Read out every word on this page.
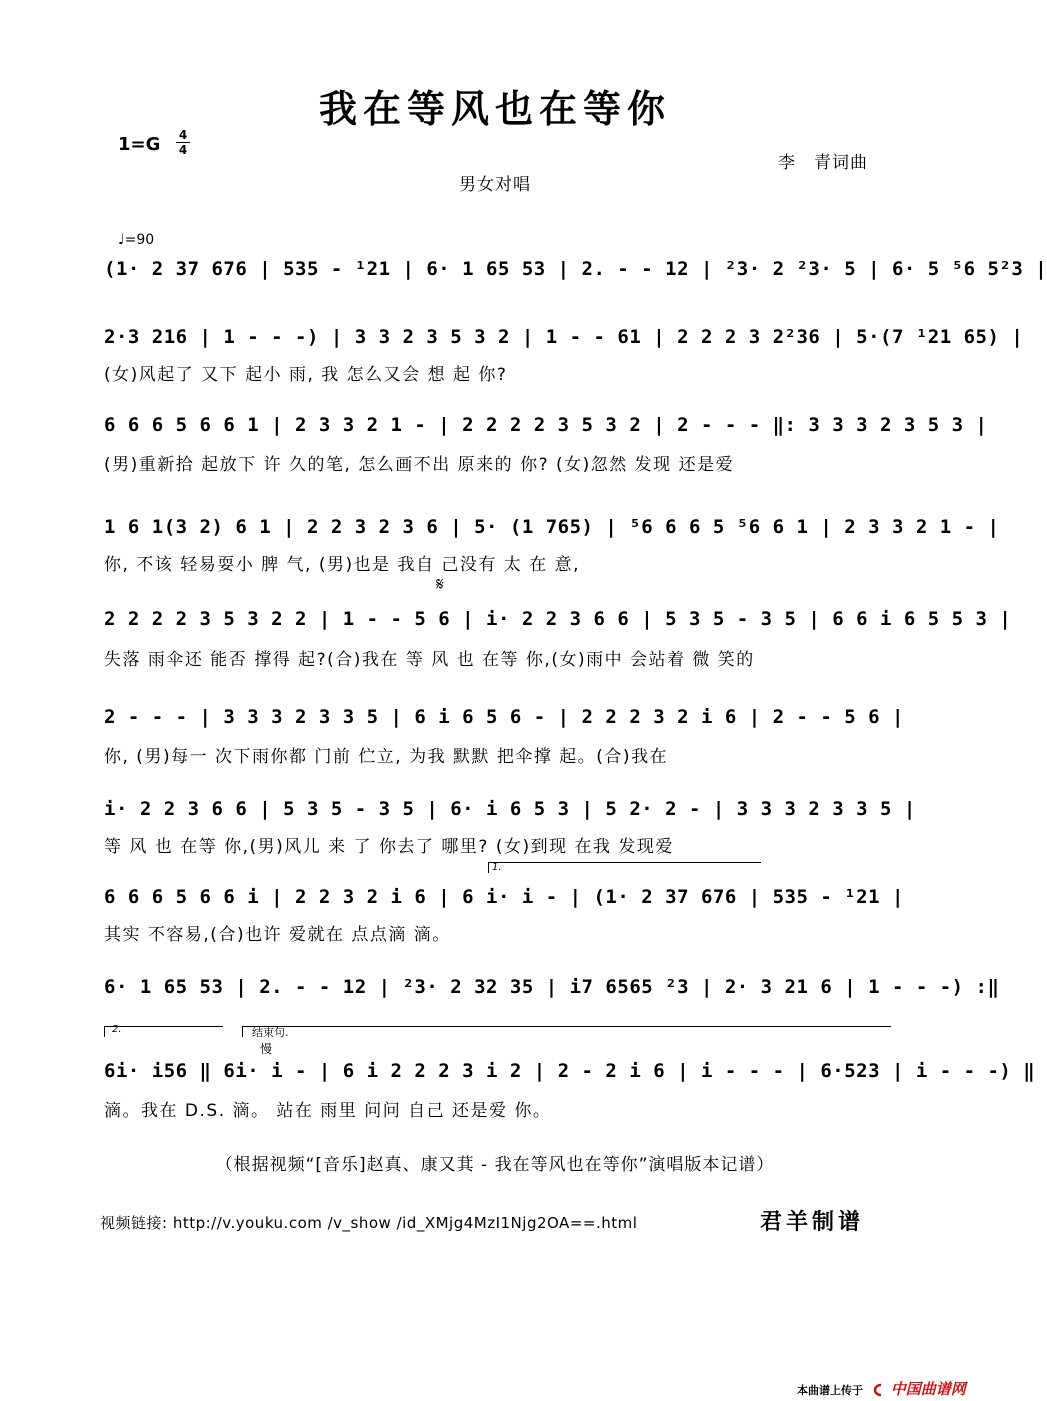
我在等风也在等你
$1=G \frac{4}{4}$
李　青词曲
男女对唱
♩=90
(1· 2 37 676 | 535 - ¹21 | 6· 1 65 53 | 2. - - 12 | ²3· 2 ²3· 5 | 6· 5 ⁵6 5²3 |
2·3 216 | 1 - - -) | 3 3 2 3 5 3 2 | 1 - - 61 | 2 2 2 3 2²36 | 5·(7 ¹21 65) |
(女)风起了 又下 起小 雨, 我 怎么又会 想 起 你?
6 6 6 5 6 6 1 | 2 3 3 2 1 - | 2 2 2 2 3 5 3 2 | 2 - - - ‖: 3 3 3 2 3 5 3 |
(男)重新拾 起放下 许 久的笔, 怎么画不出 原来的 你? (女)忽然 发现 还是爱
1 6 1(3 2) 6 1 | 2 2 3 2 3 6 | 5· (1 765) | ⁵6 6 6 5 ⁵6 6 1 | 2 3 3 2 1 - |
你, 不该 轻易耍小 脾 气, (男)也是 我自 己没有 太 在 意,
𝄋
2 2 2 2 3 5 3 2 2 | 1 - - 5 6 | i· 2 2 3 6 6 | 5 3 5 - 3 5 | 6 6 i 6 5 5 3 |
失落 雨伞还 能否 撑得 起?(合)我在 等 风 也 在等 你,(女)雨中 会站着 微 笑的
2 - - - | 3 3 3 2 3 3 5 | 6 i 6 5 6 - | 2 2 2 3 2 i 6 | 2 - - 5 6 |
你, (男)每一 次下雨你都 门前 伫立, 为我 默默 把伞撑 起。(合)我在
i· 2 2 3 6 6 | 5 3 5 - 3 5 | 6· i 6 5 3 | 5 2· 2 - | 3 3 3 2 3 3 5 |
等 风 也 在等 你,(男)风儿 来 了 你去了 哪里? (女)到现 在我 发现爱
1.
6 6 6 5 6 6 i | 2 2 3 2 i 6 | 6 i· i - | (1· 2 37 676 | 535 - ¹21 |
其实 不容易,(合)也许 爱就在 点点滴 滴。
6· 1 65 53 | 2. - - 12 | ²3· 2 32 35 | i7 6565 ²3 | 2· 3 21 6 | 1 - - -) :‖
2.	结束句.
慢
6i· i56 ‖ 6i· i - | 6 i 2 2 2 3 i 2 | 2 - 2 i 6 | i - - - | 6·523 | i - - -) ‖
滴。我在 D.S. 滴。 站在 雨里 问问 自己 还是爱 你。
（根据视频“[音乐]赵真、康又萁 - 我在等风也在等你”演唱版本记谱）
视频链接: http://v.youku.com /v_show /id_XMjg4MzI1Njg2OA==.html	君羊制谱
本曲谱上传于 中国曲谱网
